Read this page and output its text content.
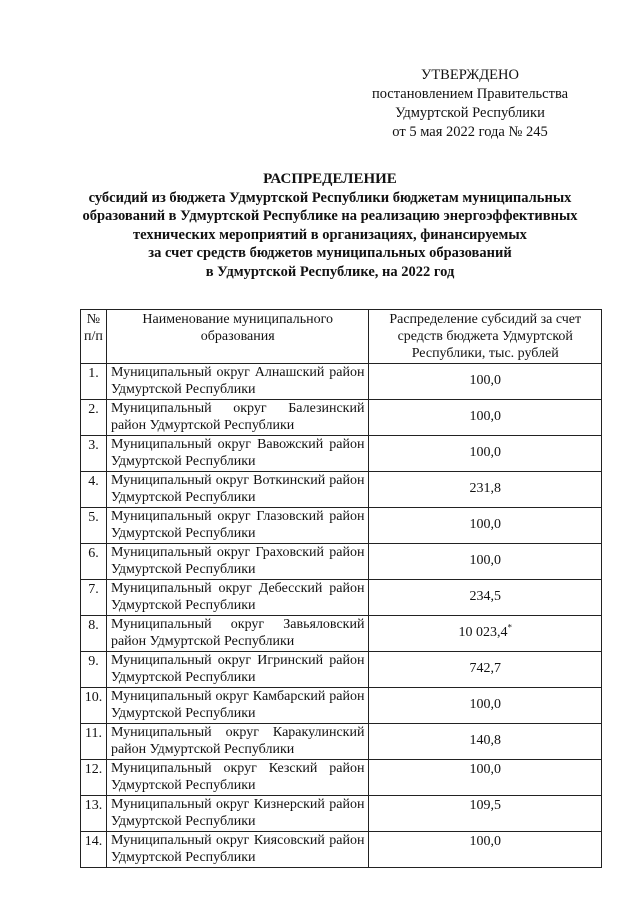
УТВЕРЖДЕНО
постановлением Правительства
Удмуртской Республики
от 5 мая 2022 года № 245
РАСПРЕДЕЛЕНИЕ
субсидий из бюджета Удмуртской Республики бюджетам муниципальных
образований в Удмуртской Республике на реализацию энергоэффективных
технических мероприятий в организациях, финансируемых
за счет средств бюджетов муниципальных образований
в Удмуртской Республике, на 2022 год
№ п/п	Наименование муниципального образования	Распределение субсидий за счет средств бюджета Удмуртской Республики, тыс. рублей
1.	Муниципальный округ Алнашский район Удмуртской Республики	100,0
2.	Муниципальный округ Балезинский район Удмуртской Республики	100,0
3.	Муниципальный округ Вавожский район Удмуртской Республики	100,0
4.	Муниципальный округ Воткинский район Удмуртской Республики	231,8
5.	Муниципальный округ Глазовский район Удмуртской Республики	100,0
6.	Муниципальный округ Граховский район Удмуртской Республики	100,0
7.	Муниципальный округ Дебесский район Удмуртской Республики	234,5
8.	Муниципальный округ Завьяловский район Удмуртской Республики	10 023,4*
9.	Муниципальный округ Игринский район Удмуртской Республики	742,7
10.	Муниципальный округ Камбарский район Удмуртской Республики	100,0
11.	Муниципальный округ Каракулинский район Удмуртской Республики	140,8
12.	Муниципальный округ Кезский район Удмуртской Республики	100,0
13.	Муниципальный округ Кизнерский район Удмуртской Республики	109,5
14.	Муниципальный округ Киясовский район Удмуртской Республики	100,0
